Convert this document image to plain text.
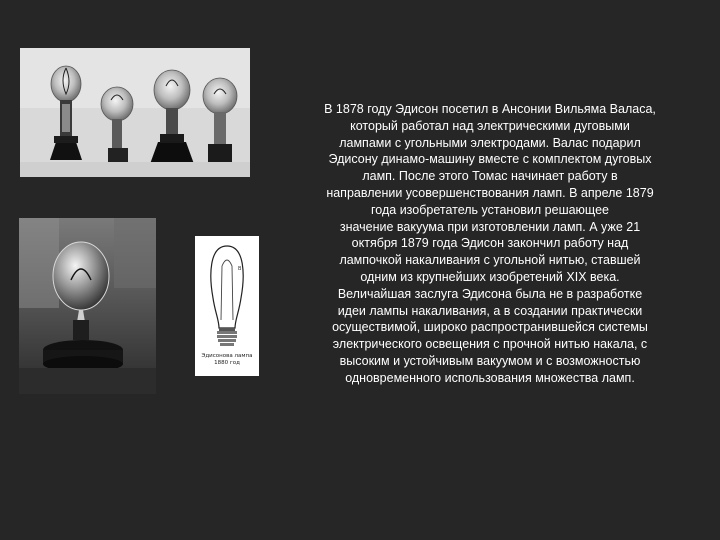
B
Эдисонова лампа
1880 год

В 1878 году Эдисон посетил в Ансонии Вильяма Валаса,
который работал над электрическими дуговыми
лампами с угольными электродами. Валас подарил
Эдисону динамо-машину вместе с комплектом дуговых
ламп. После этого Томас начинает работу в
направлении усовершенствования ламп. В апреле 1879
года изобретатель установил решающее
значение вакуума при изготовлении ламп. А уже 21
октября 1879 года Эдисон закончил работу над
лампочкой накаливания с угольной нитью, ставшей
одним из крупнейших изобретений XIX века.
Величайшая заслуга Эдисона была не в разработке
идеи лампы накаливания, а в создании практически
осуществимой, широко распространившейся системы
электрического освещения с прочной нитью накала, с
высоким и устойчивым вакуумом и с возможностью
одновременного использования множества ламп.
